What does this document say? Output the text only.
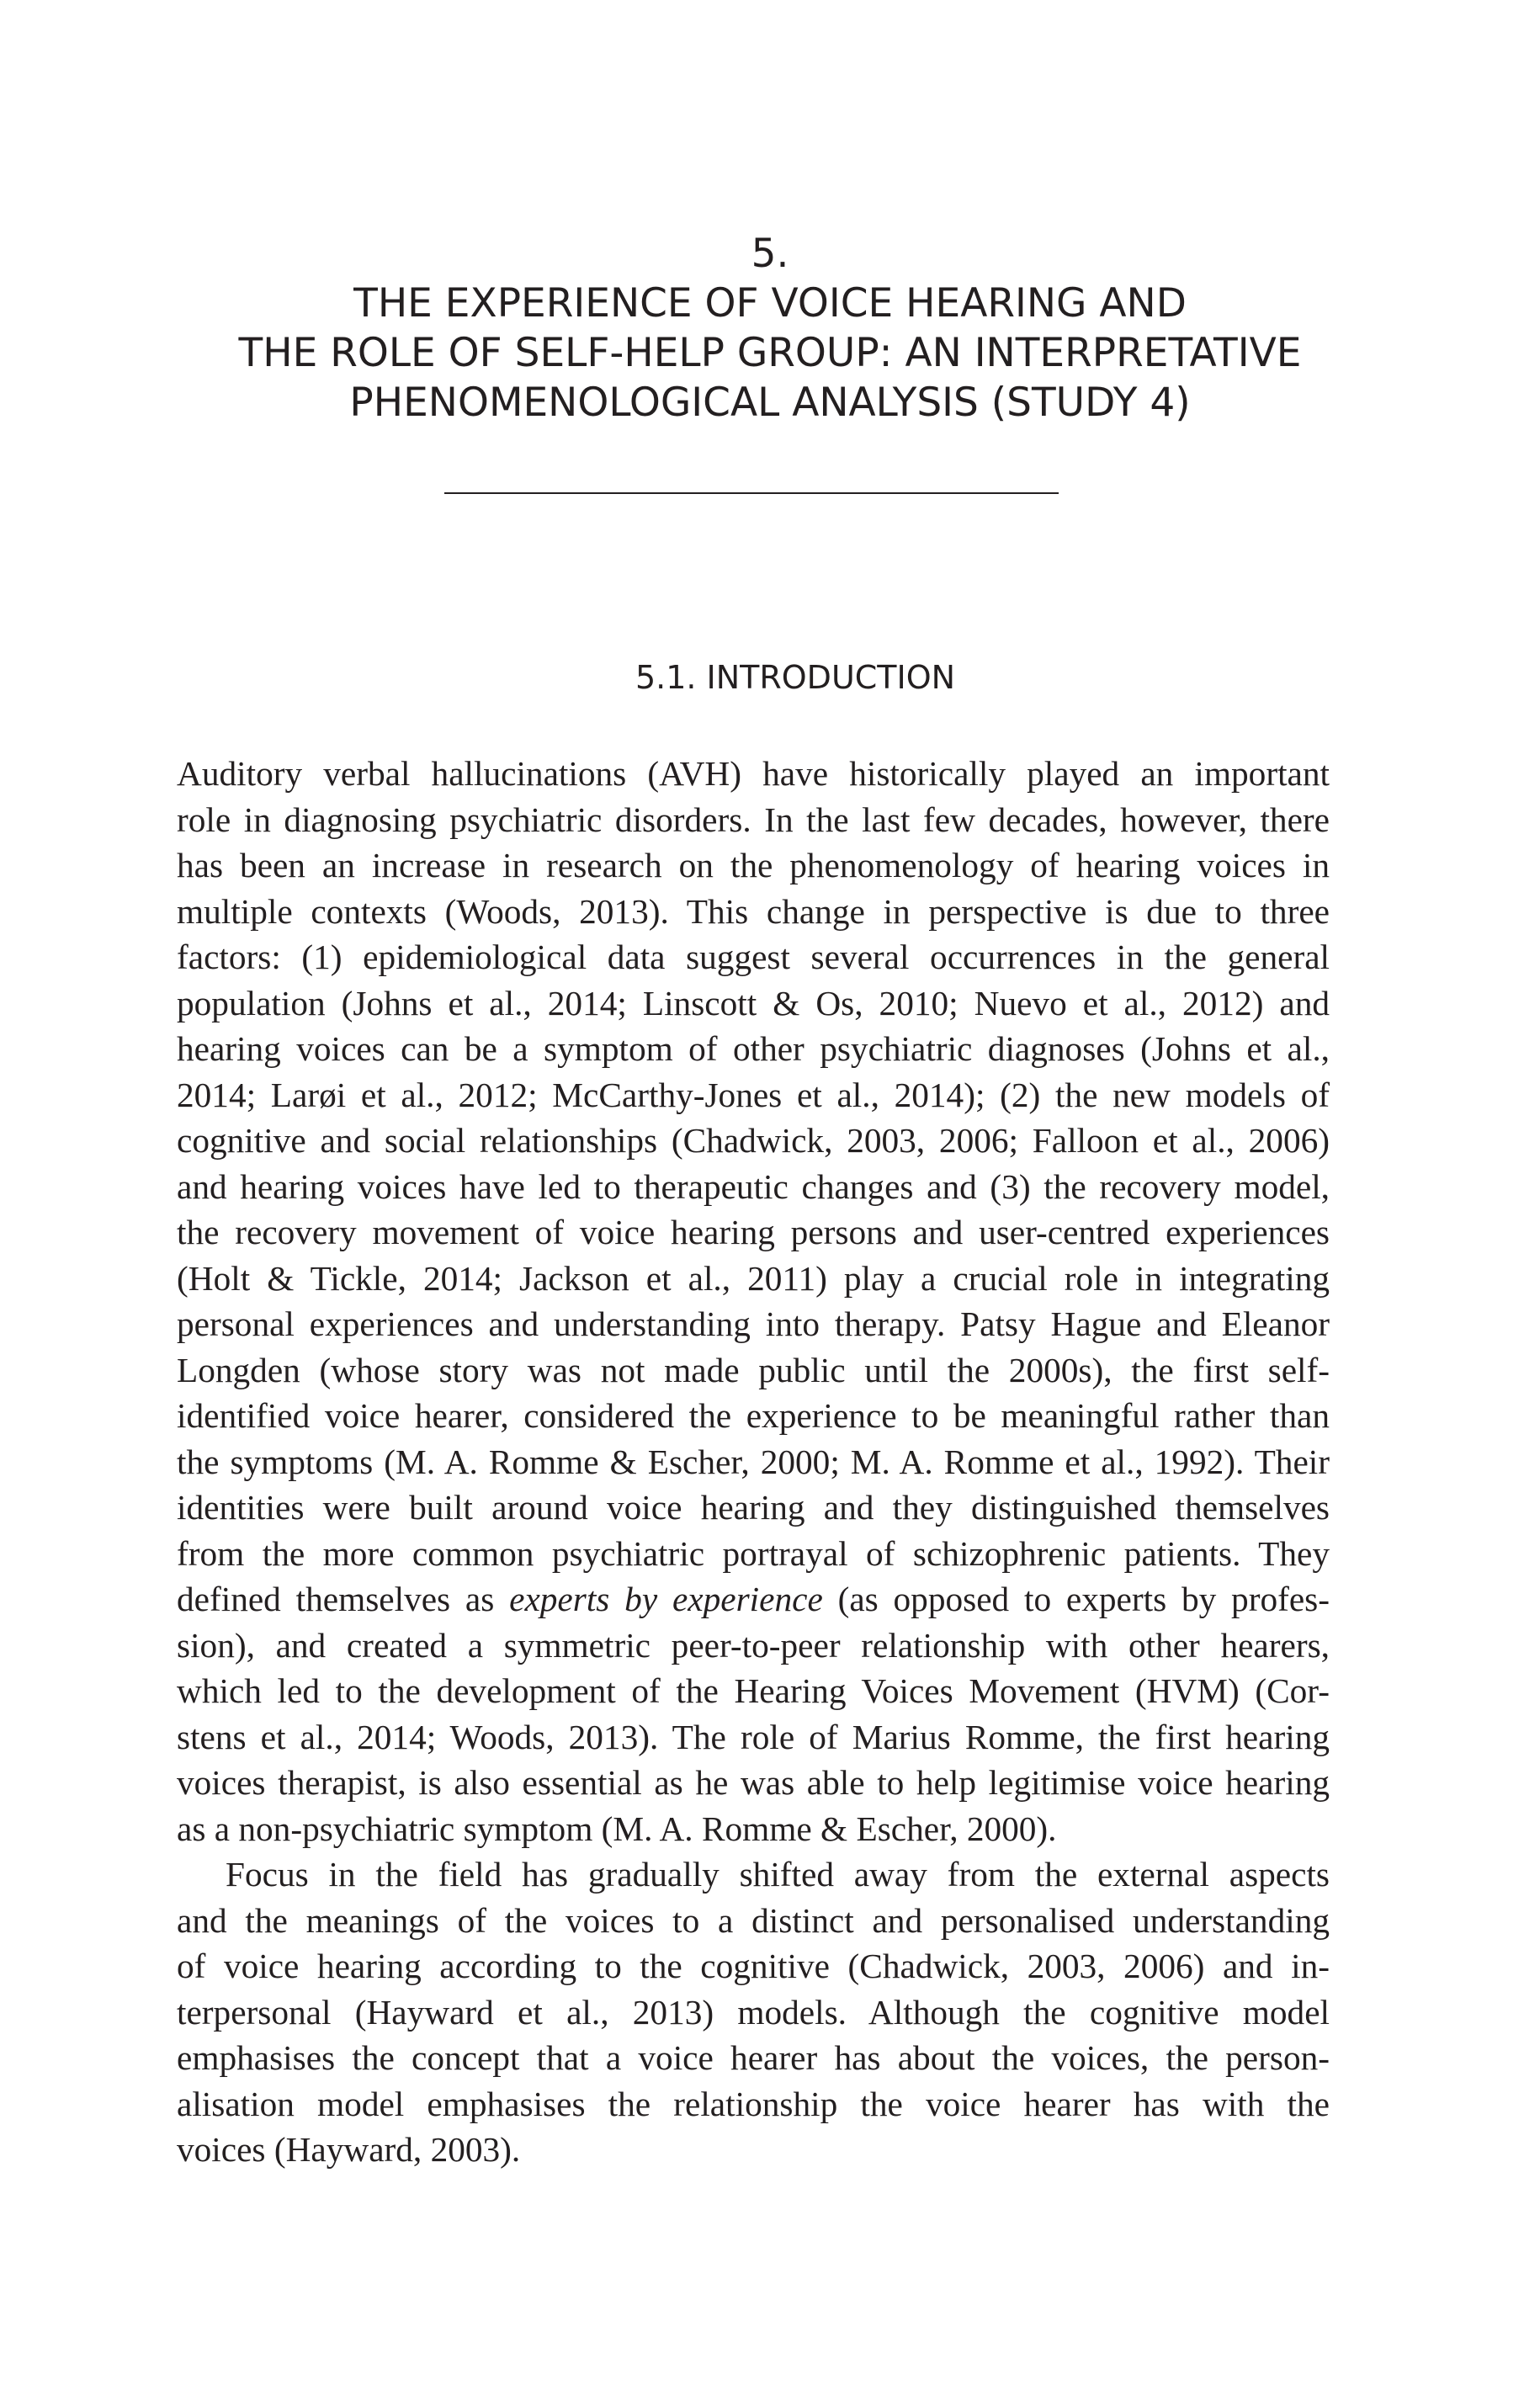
5.
THE EXPERIENCE OF VOICE HEARING AND
THE ROLE OF SELF-HELP GROUP: AN INTERPRETATIVE
PHENOMENOLOGICAL ANALYSIS (STUDY 4)
5.1. INTRODUCTION
Auditory verbal hallucinations (AVH) have historically played an important
role in diagnosing psychiatric disorders. In the last few decades, however, there
has been an increase in research on the phenomenology of hearing voices in
multiple contexts (Woods, 2013). This change in perspective is due to three
factors: (1) epidemiological data suggest several occurrences in the general
population (Johns et al., 2014; Linscott & Os, 2010; Nuevo et al., 2012) and
hearing voices can be a symptom of other psychiatric diagnoses (Johns et al.,
2014; Larøi et al., 2012; McCarthy-Jones et al., 2014); (2) the new models of
cognitive and social relationships (Chadwick, 2003, 2006; Falloon et al., 2006)
and hearing voices have led to therapeutic changes and (3) the recovery model,
the recovery movement of voice hearing persons and user-centred experiences
(Holt & Tickle, 2014; Jackson et al., 2011) play a crucial role in integrating
personal experiences and understanding into therapy. Patsy Hague and Eleanor
Longden (whose story was not made public until the 2000s), the first self-
identified voice hearer, considered the experience to be meaningful rather than
the symptoms (M. A. Romme & Escher, 2000; M. A. Romme et al., 1992). Their
identities were built around voice hearing and they distinguished themselves
from the more common psychiatric portrayal of schizophrenic patients. They
defined themselves as experts by experience (as opposed to experts by profes-
sion), and created a symmetric peer-to-peer relationship with other hearers,
which led to the development of the Hearing Voices Movement (HVM) (Cor-
stens et al., 2014; Woods, 2013). The role of Marius Romme, the first hearing
voices therapist, is also essential as he was able to help legitimise voice hearing
as a non-psychiatric symptom (M. A. Romme & Escher, 2000).
Focus in the field has gradually shifted away from the external aspects
and the meanings of the voices to a distinct and personalised understanding
of voice hearing according to the cognitive (Chadwick, 2003, 2006) and in-
terpersonal (Hayward et al., 2013) models. Although the cognitive model
emphasises the concept that a voice hearer has about the voices, the person-
alisation model emphasises the relationship the voice hearer has with the
voices (Hayward, 2003).
